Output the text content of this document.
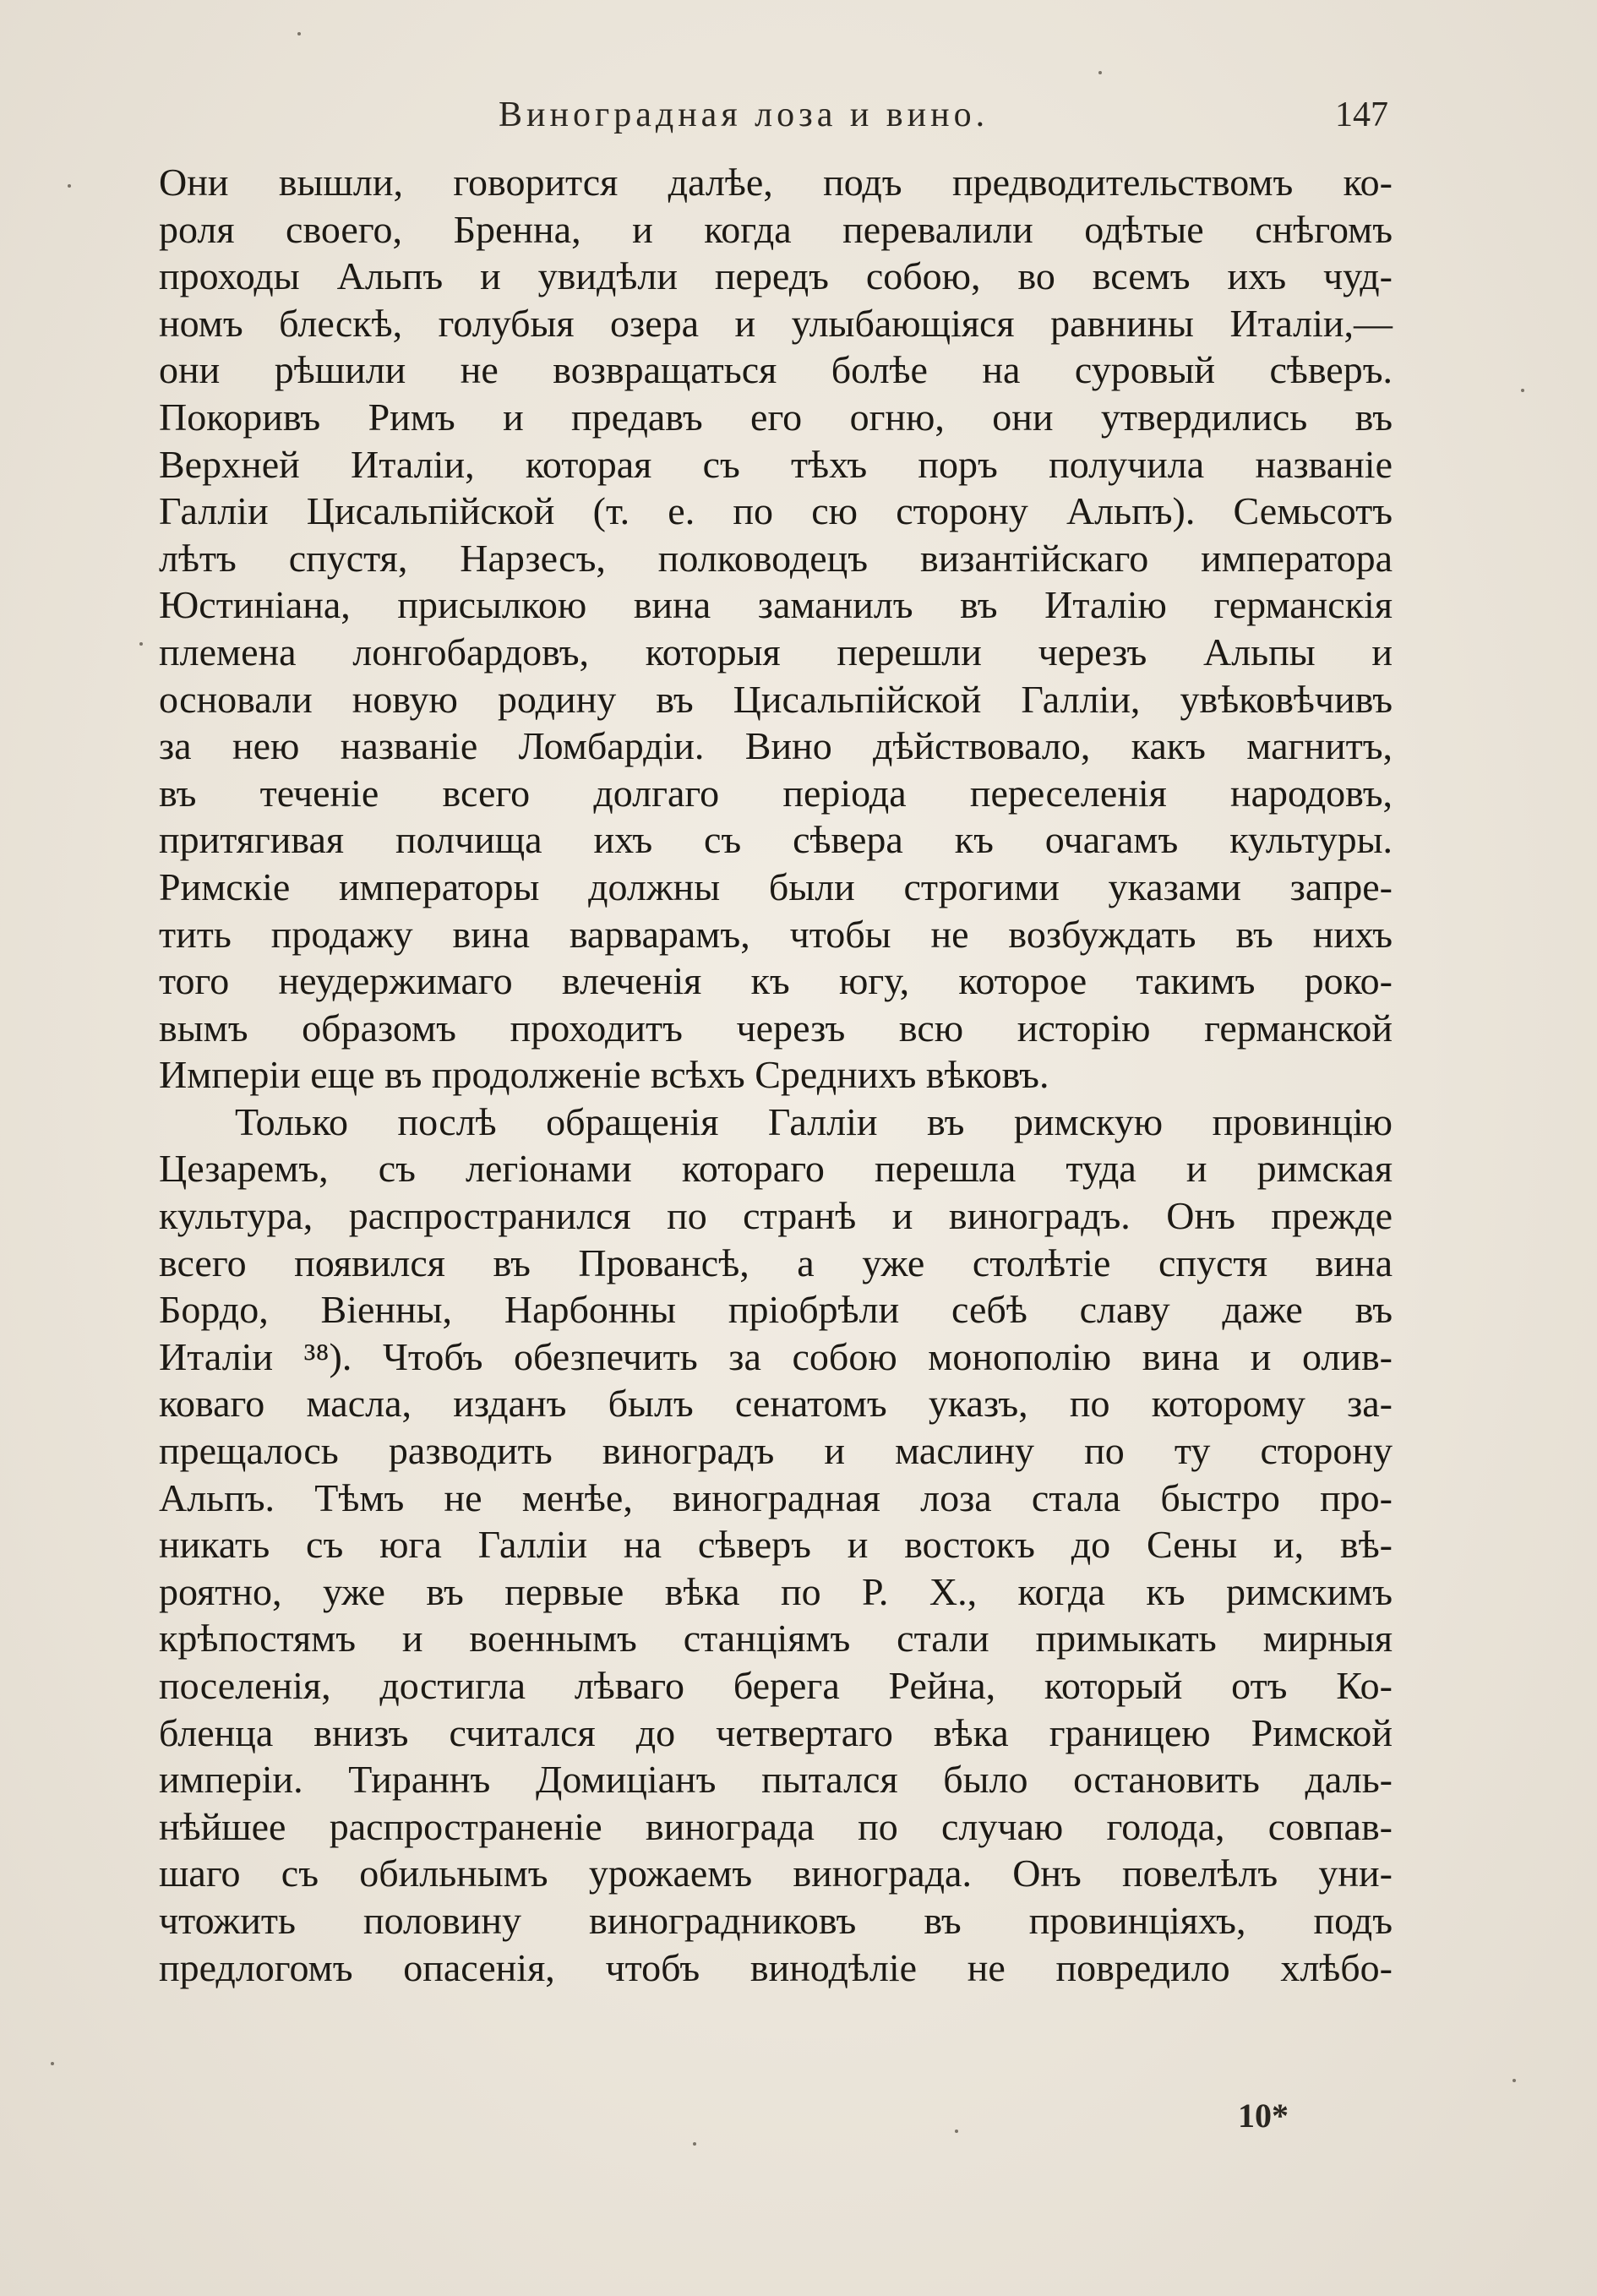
Виноградная лоза и вино.	147
Они вышли, говорится далѣе, подъ предводительствомъ ко-
роля своего, Бренна, и когда перевалили одѣтые снѣгомъ
проходы Альпъ и увидѣли передъ собою, во всемъ ихъ чуд-
номъ блескѣ, голубыя озера и улыбающіяся равнины Италіи,—
они рѣшили не возвращаться болѣе на суровый сѣверъ.
Покоривъ Римъ и предавъ его огню, они утвердились въ
Верхней Италіи, которая съ тѣхъ поръ получила названіе
Галліи Цисальпійской (т. е. по сю сторону Альпъ). Семьсотъ
лѣтъ спустя, Нарзесъ, полководецъ византійскаго императора
Юстиніана, присылкою вина заманилъ въ Италію германскія
племена лонгобардовъ, которыя перешли черезъ Альпы и
основали новую родину въ Цисальпійской Галліи, увѣковѣчивъ
за нею названіе Ломбардіи. Вино дѣйствовало, какъ магнитъ,
въ теченіе всего долгаго періода переселенія народовъ,
притягивая полчища ихъ съ сѣвера къ очагамъ культуры.
Римскіе императоры должны были строгими указами запре-
тить продажу вина варварамъ, чтобы не возбуждать въ нихъ
того неудержимаго влеченія къ югу, которое такимъ роко-
вымъ образомъ проходитъ черезъ всю исторію германской
Имперіи еще въ продолженіе всѣхъ Среднихъ вѣковъ.
Только послѣ обращенія Галліи въ римскую провинцію
Цезаремъ, съ легіонами котораго перешла туда и римская
культура, распространился по странѣ и виноградъ. Онъ прежде
всего появился въ Провансѣ, а уже столѣтіе спустя вина
Бордо, Віенны, Нарбонны пріобрѣли себѣ славу даже въ
Италіи ³⁸). Чтобъ обезпечить за собою монополію вина и олив-
коваго масла, изданъ былъ сенатомъ указъ, по которому за-
прещалось разводить виноградъ и маслину по ту сторону
Альпъ. Тѣмъ не менѣе, виноградная лоза стала быстро про-
никать съ юга Галліи на сѣверъ и востокъ до Сены и, вѣ-
роятно, уже въ первые вѣка по Р. Х., когда къ римскимъ
крѣпостямъ и военнымъ станціямъ стали примыкать мирныя
поселенія, достигла лѣваго берега Рейна, который отъ Ко-
бленца внизъ считался до четвертаго вѣка границею Римской
имперіи. Тираннъ Домиціанъ пытался было остановить даль-
нѣйшее распространеніе винограда по случаю голода, совпав-
шаго съ обильнымъ урожаемъ винограда. Онъ повелѣлъ уни-
чтожить половину виноградниковъ въ провинціяхъ, подъ
предлогомъ опасенія, чтобъ винодѣліе не повредило хлѣбо-
10*
